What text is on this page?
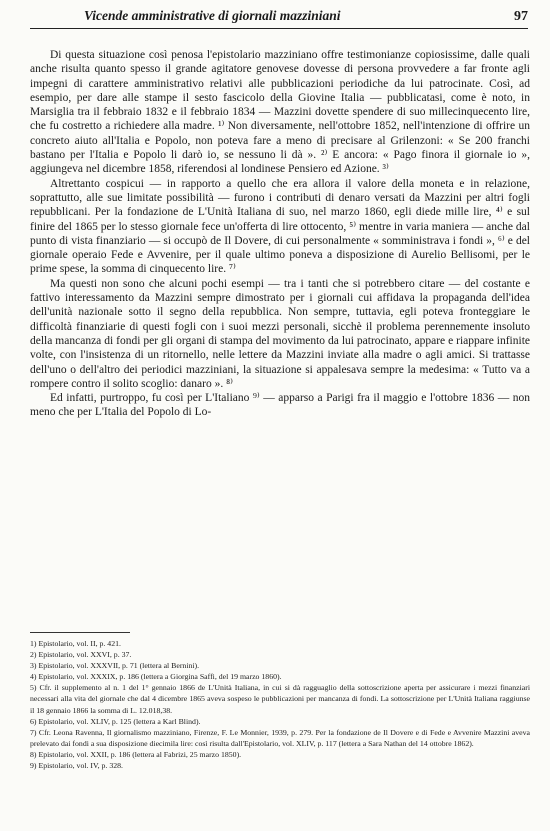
Vicende amministrative di giornali mazziniani	97

Di questa situazione così penosa l'epistolario mazziniano offre testimonianze copiosissime, dalle quali anche risulta quanto spesso il grande agitatore genovese dovesse di persona provvedere a far fronte agli impegni di carattere amministrativo relativi alle pubblicazioni periodiche da lui patrocinate. Così, ad esempio, per dare alle stampe il sesto fascicolo della Giovine Italia — pubblicatasi, come è noto, in Marsiglia tra il febbraio 1832 e il febbraio 1834 — Mazzini dovette spendere di suo millecinquecento lire, che fu costretto a richiedere alla madre. ¹⁾ Non diversamente, nell'ottobre 1852, nell'intenzione di offrire un concreto aiuto all'Italia e Popolo, non poteva fare a meno di precisare al Grilenzoni: « Se 200 franchi bastano per l'Italia e Popolo li darò io, se nessuno li dà ». ²⁾ E ancora: « Pago finora il giornale io », aggiungeva nel dicembre 1858, riferendosi al londinese Pensiero ed Azione. ³⁾

Altrettanto cospicui — in rapporto a quello che era allora il valore della moneta e in relazione, soprattutto, alle sue limitate possibilità — furono i contributi di denaro versati da Mazzini per altri fogli repubblicani. Per la fondazione de L'Unità Italiana di suo, nel marzo 1860, egli diede mille lire, ⁴⁾ e sul finire del 1865 per lo stesso giornale fece un'offerta di lire ottocento, ⁵⁾ mentre in varia maniera — anche dal punto di vista finanziario — si occupò de Il Dovere, di cui personalmente « somministrava i fondi », ⁶⁾ e del giornale operaio Fede e Avvenire, per il quale ultimo poneva a disposizione di Aurelio Bellisomi, per le prime spese, la somma di cinquecento lire. ⁷⁾

Ma questi non sono che alcuni pochi esempi — tra i tanti che si potrebbero citare — del costante e fattivo interessamento da Mazzini sempre dimostrato per i giornali cui affidava la propaganda dell'idea dell'unità nazionale sotto il segno della repubblica. Non sempre, tuttavia, egli poteva fronteggiare le difficoltà finanziarie di questi fogli con i suoi mezzi personali, sicchè il problema perennemente insoluto della mancanza di fondi per gli organi di stampa del movimento da lui patrocinato, appare e riappare infinite volte, con l'insistenza di un ritornello, nelle lettere da Mazzini inviate alla madre o agli amici. Si trattasse dell'uno o dell'altro dei periodici mazziniani, la situazione si appalesava sempre la medesima: « Tutto va a rompere contro il solito scoglio: danaro ». ⁸⁾

Ed infatti, purtroppo, fu così per L'Italiano ⁹⁾ — apparso a Parigi fra il maggio e l'ottobre 1836 — non meno che per L'Italia del Popolo di Lo-

1) Epistolario, vol. II, p. 421.

2) Epistolario, vol. XXVI, p. 37.

3) Epistolario, vol. XXXVII, p. 71 (lettera al Bernini).

4) Epistolario, vol. XXXIX, p. 186 (lettera a Giorgina Saffi, del 19 marzo 1860).

5) Cfr. il supplemento al n. 1 del 1° gennaio 1866 de L'Unità Italiana, in cui si dà ragguaglio della sottoscrizione aperta per assicurare i mezzi finanziari necessari alla vita del giornale che dal 4 dicembre 1865 aveva sospeso le pubblicazioni per mancanza di fondi. La sottoscrizione per L'Unità Italiana raggiunse il 18 gennaio 1866 la somma di L. 12.018,38.

6) Epistolario, vol. XLIV, p. 125 (lettera a Karl Blind).

7) Cfr. Leona Ravenna, Il giornalismo mazziniano, Firenze, F. Le Monnier, 1939, p. 279. Per la fondazione de Il Dovere e di Fede e Avvenire Mazzini aveva prelevato dai fondi a sua disposizione diecimila lire: così risulta dall'Epistolario, vol. XLIV, p. 117 (lettera a Sara Nathan del 14 ottobre 1862).

8) Epistolario, vol. XXII, p. 186 (lettera al Fabrizi, 25 marzo 1850).

9) Epistolario, vol. IV, p. 328.
